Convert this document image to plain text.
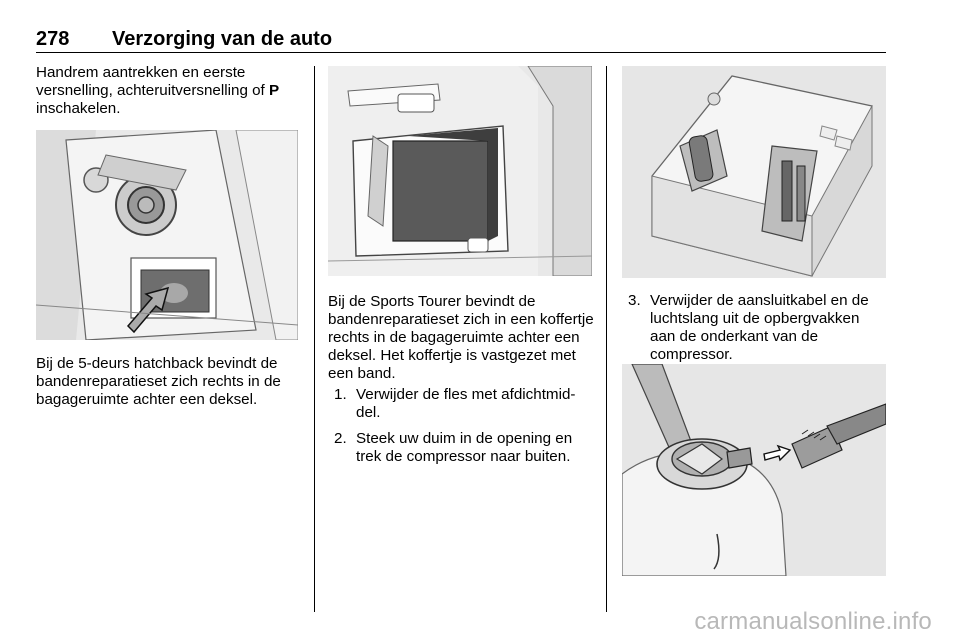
278 Verzorging van de auto

Handrem aantrekken en eerste versnelling, achteruitversnelling of P inschakelen.

Bij de 5-deurs hatchback bevindt de bandenreparatieset zich rechts in de bagageruimte achter een deksel.

Bij de Sports Tourer bevindt de bandenreparatieset zich in een koffertje rechts in de bagageruimte achter een deksel. Het koffertje is vastgezet met een band.

1. Verwijder de fles met afdichtmid-del.
2. Steek uw duim in de opening en trek de compressor naar buiten.
3. Verwijder de aansluitkabel en de luchtslang uit de opbergvakken aan de onderkant van de compressor.
carmanualsonline.info
